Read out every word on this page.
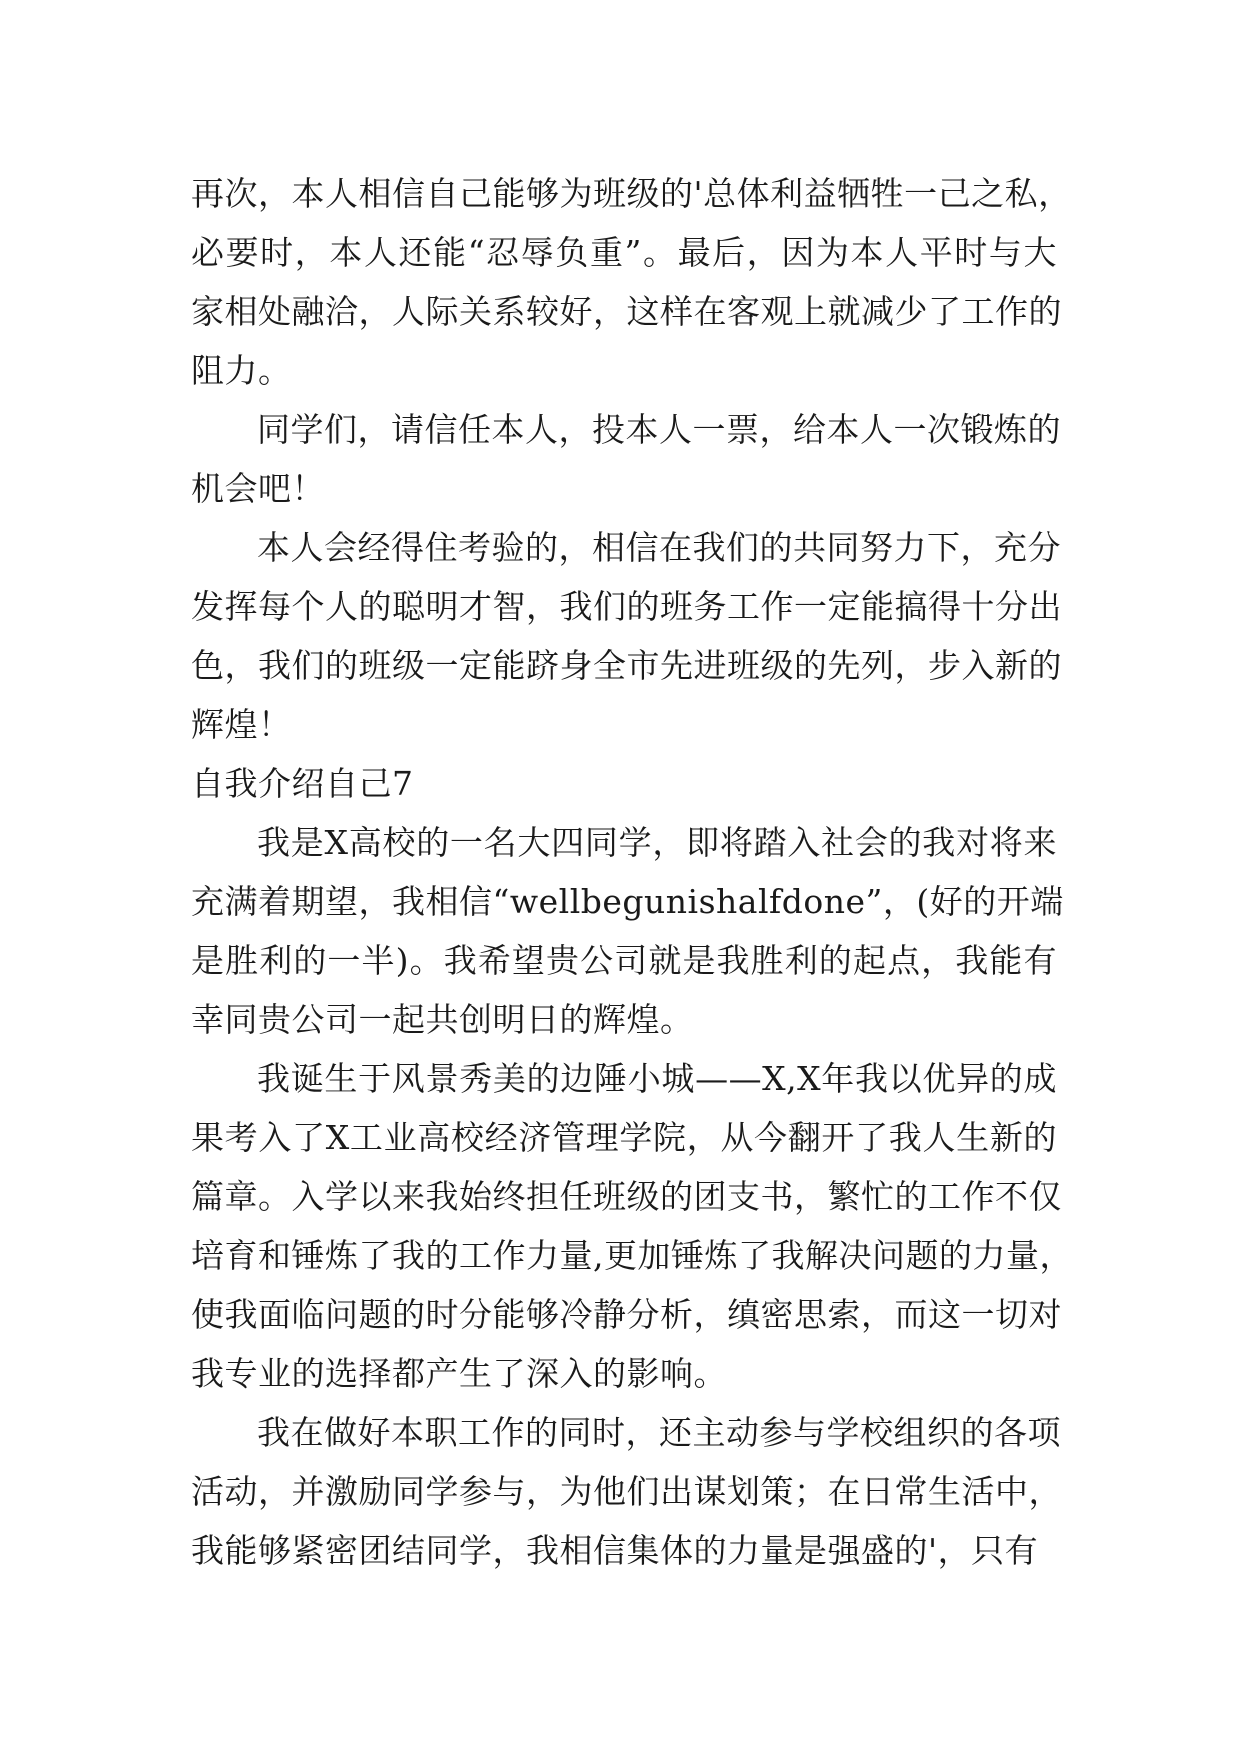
再次，本人相信自己能够为班级的'总体利益牺牲一己之私，
必要时，本人还能“忍辱负重”。最后，因为本人平时与大
家相处融洽，人际关系较好，这样在客观上就减少了工作的
阻力。
同学们，请信任本人，投本人一票，给本人一次锻炼的
机会吧！
本人会经得住考验的，相信在我们的共同努力下，充分
发挥每个人的聪明才智，我们的班务工作一定能搞得十分出
色，我们的班级一定能跻身全市先进班级的先列，步入新的
辉煌！
自我介绍自己7
我是X高校的一名大四同学，即将踏入社会的我对将来
充满着期望，我相信“wellbegunishalfdone”，(好的开端
是胜利的一半)。我希望贵公司就是我胜利的起点，我能有
幸同贵公司一起共创明日的辉煌。
我诞生于风景秀美的边陲小城——X,X年我以优异的成
果考入了X工业高校经济管理学院，从今翻开了我人生新的
篇章。入学以来我始终担任班级的团支书，繁忙的工作不仅
培育和锤炼了我的工作力量,更加锤炼了我解决问题的力量，
使我面临问题的时分能够冷静分析，缜密思索，而这一切对
我专业的选择都产生了深入的影响。
我在做好本职工作的同时，还主动参与学校组织的各项
活动，并激励同学参与，为他们出谋划策；在日常生活中，
我能够紧密团结同学，我相信集体的力量是强盛的'，只有
